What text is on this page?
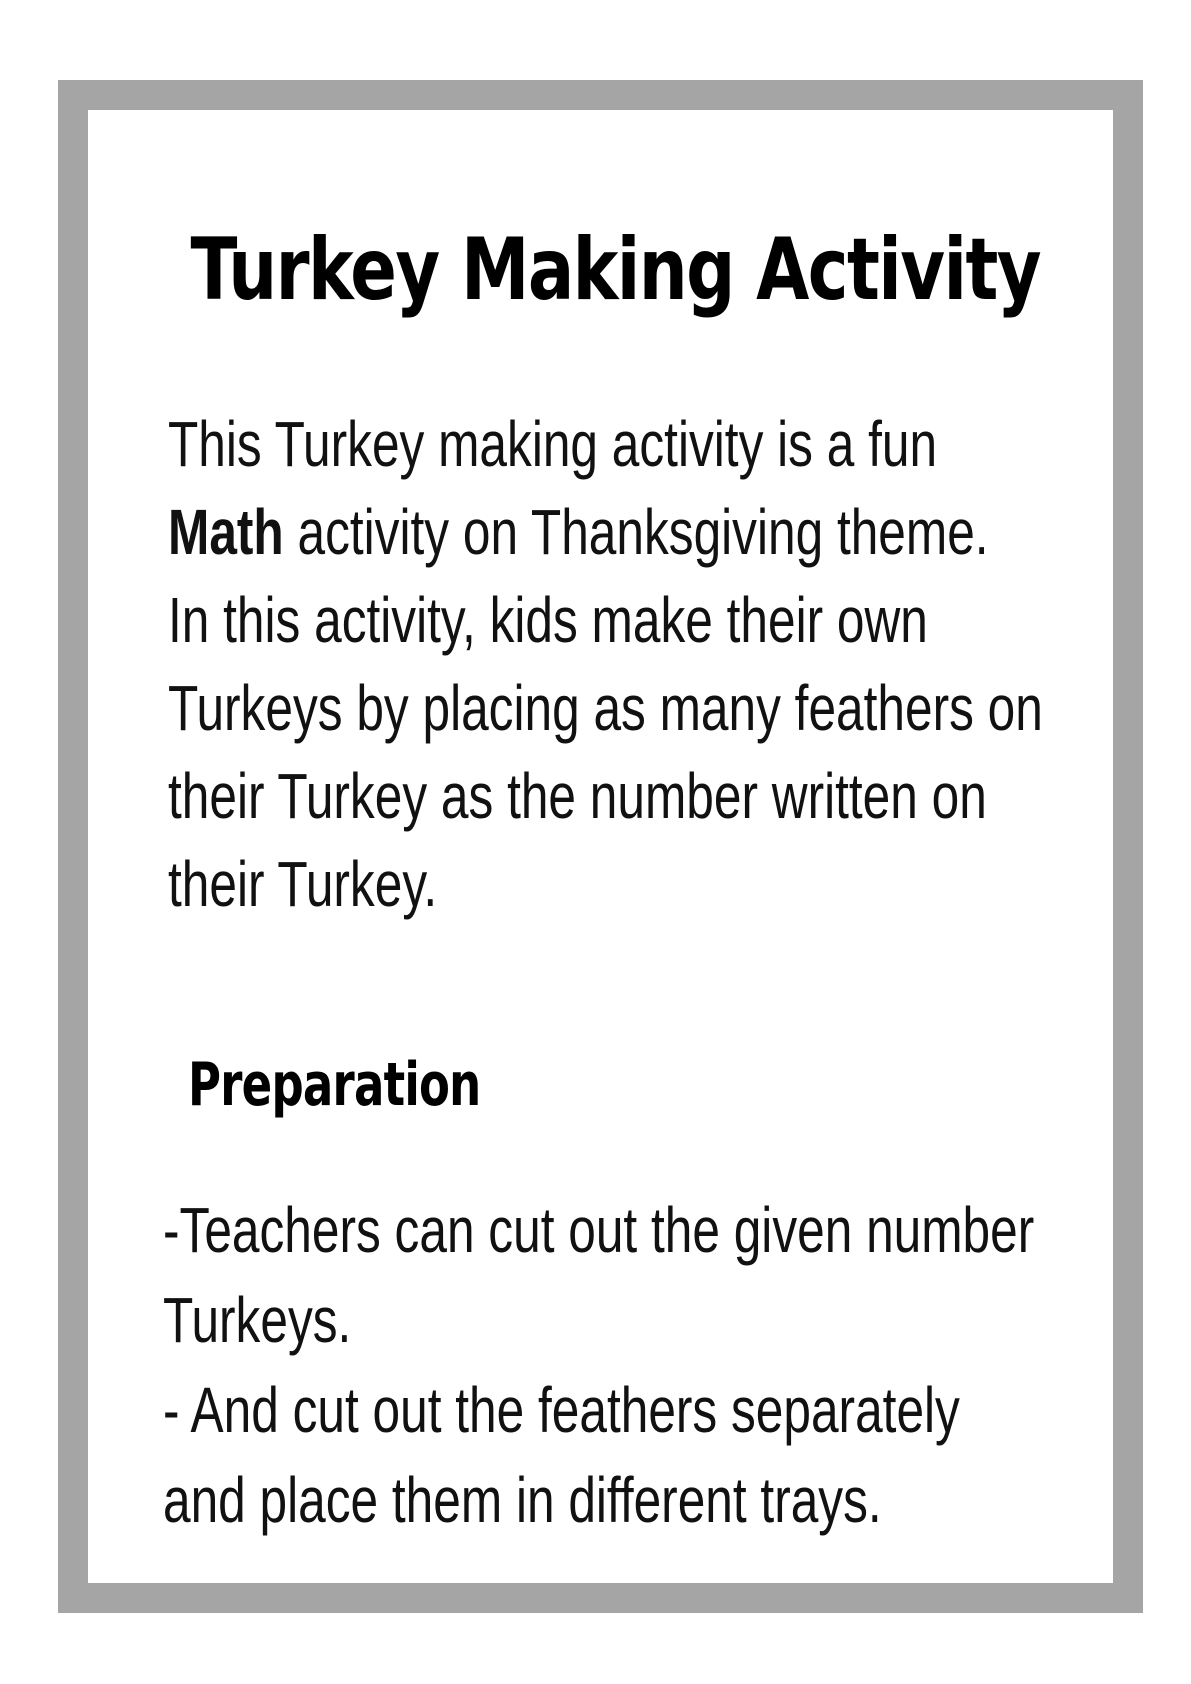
Turkey Making Activity

This Turkey making activity is a fun
Math activity on Thanksgiving theme.
In this activity, kids make their own
Turkeys by placing as many feathers on
their Turkey as the number written on
their Turkey.

Preparation

-Teachers can cut out the given number
Turkeys.
- And cut out the feathers separately
and place them in different trays.
